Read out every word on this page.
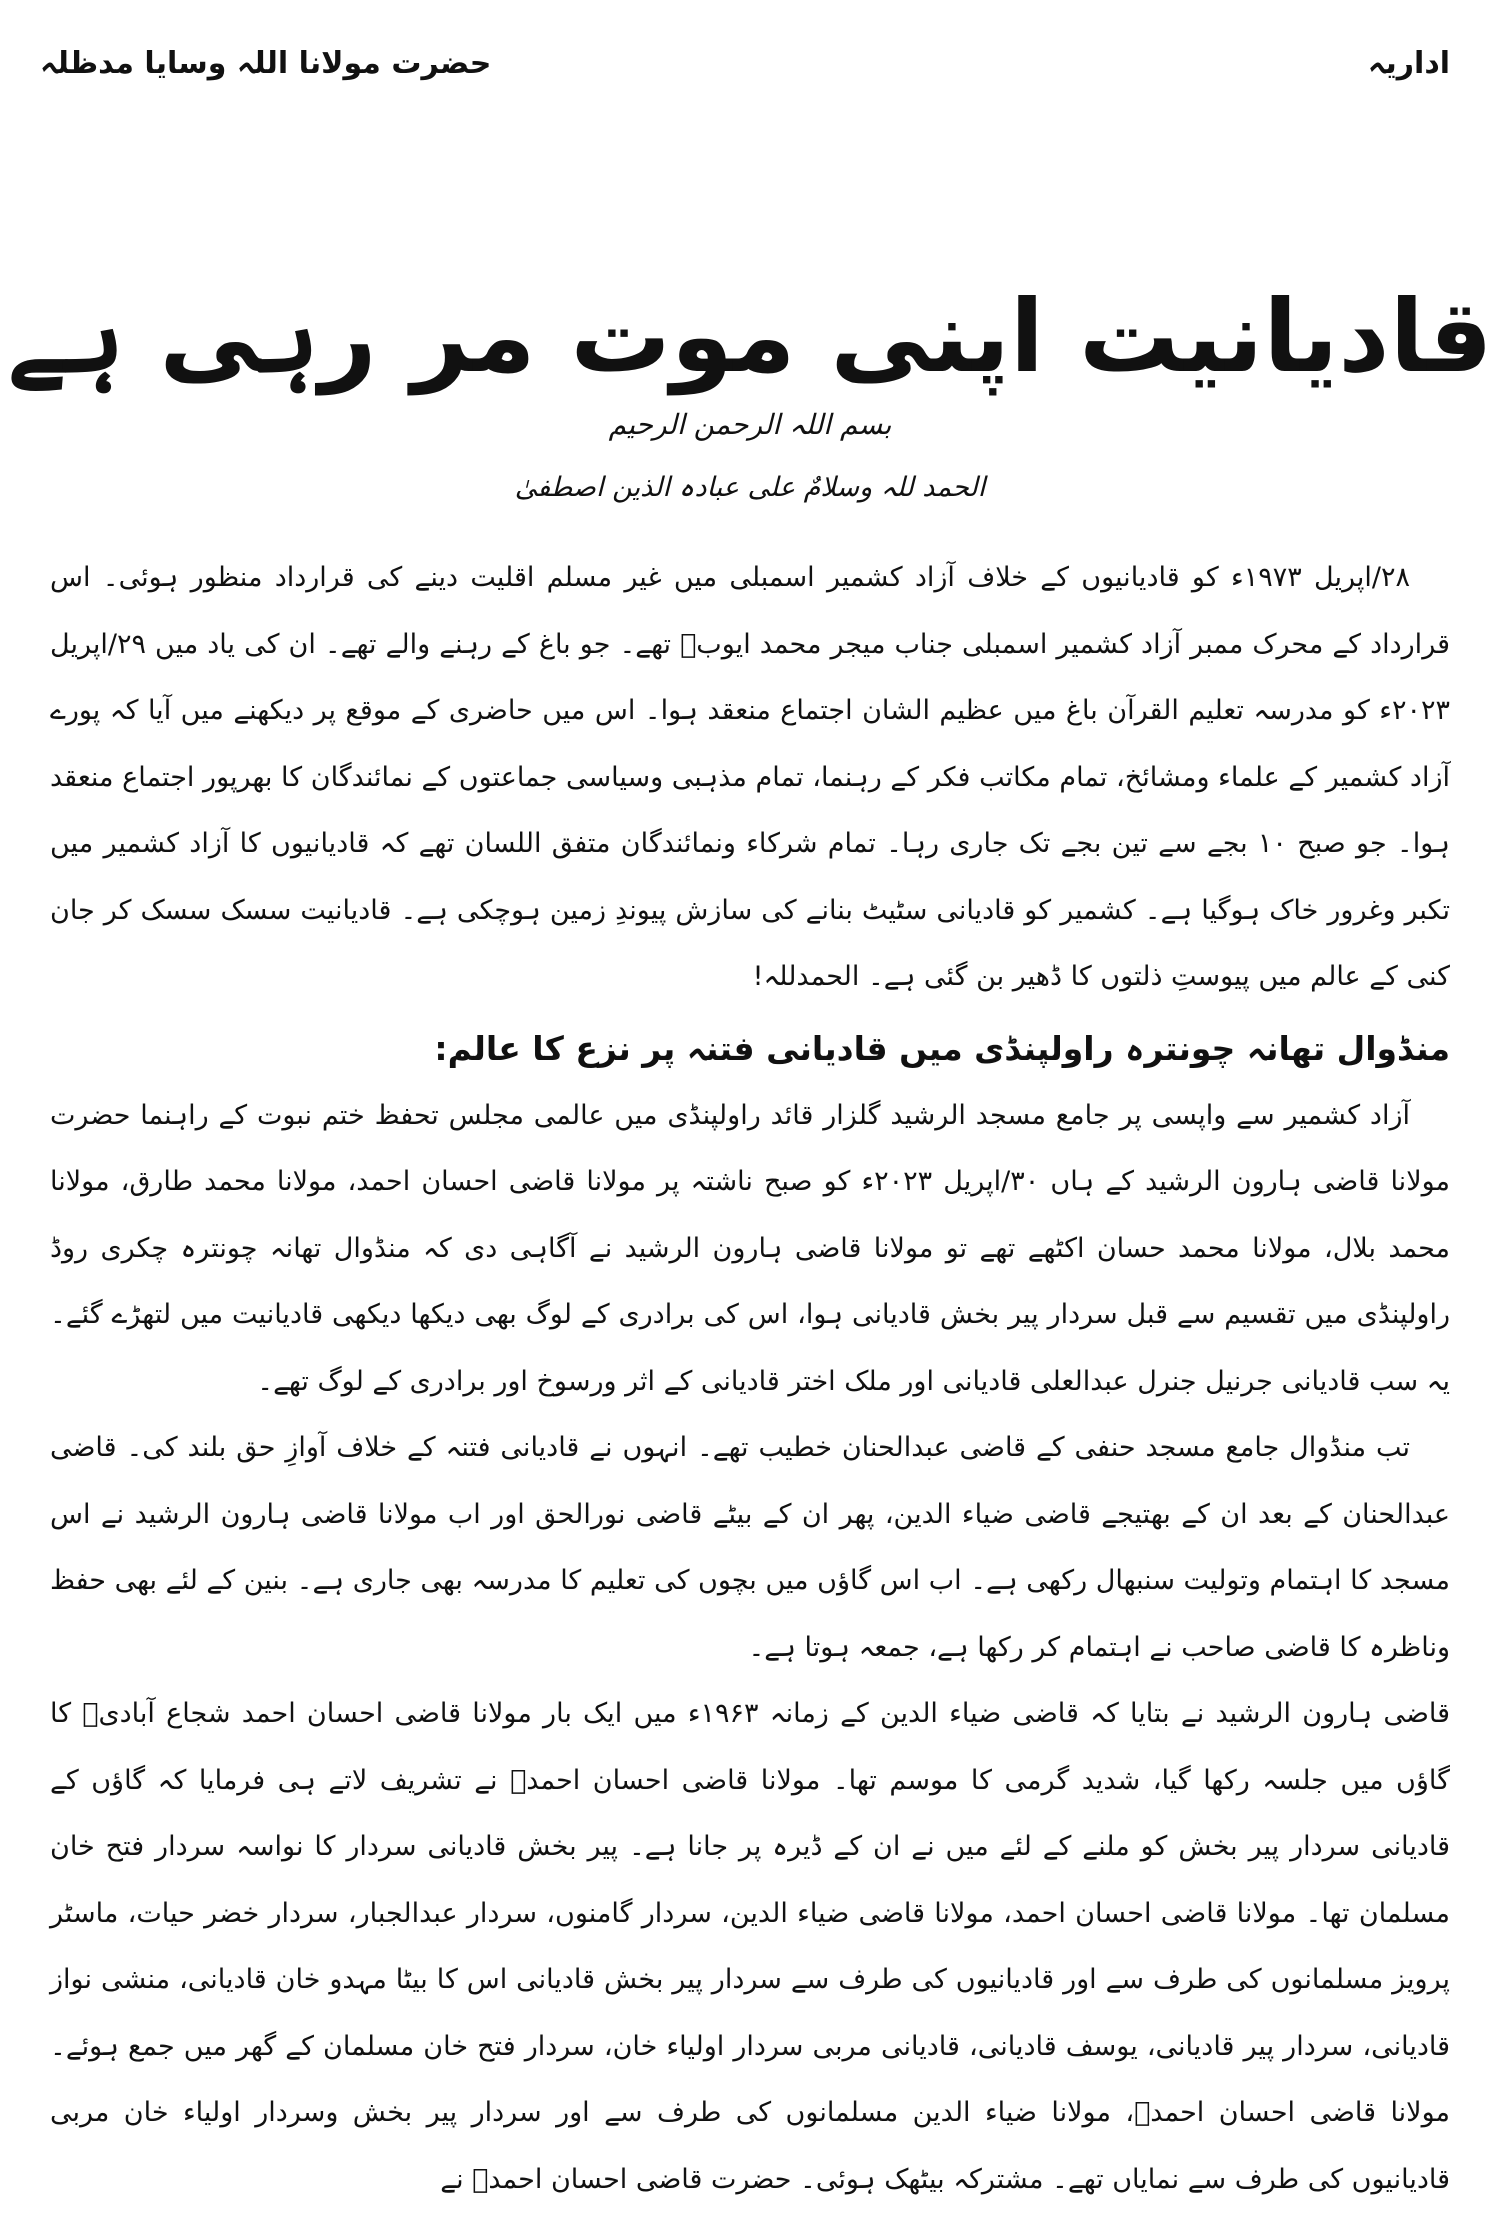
حضرت مولانا اللہ وسایا مدظلہ	اداریہ
قادیانیت اپنی موت مر رہی ہے
بسم اللہ الرحمن الرحیم
الحمد للہ وسلامٌ علی عبادہ الذین اصطفیٰ

۲۸/اپریل ۱۹۷۳ء کو قادیانیوں کے خلاف آزاد کشمیر اسمبلی میں غیر مسلم اقلیت دینے کی قرارداد منظور ہوئی۔ اس قرارداد کے محرک ممبر آزاد کشمیر اسمبلی جناب میجر محمد ایوبؒ تھے۔ جو باغ کے رہنے والے تھے۔ ان کی یاد میں ۲۹/اپریل ۲۰۲۳ء کو مدرسہ تعلیم القرآن باغ میں عظیم الشان اجتماع منعقد ہوا۔ اس میں حاضری کے موقع پر دیکھنے میں آیا کہ پورے آزاد کشمیر کے علماء ومشائخ، تمام مکاتب فکر کے رہنما، تمام مذہبی وسیاسی جماعتوں کے نمائندگان کا بھرپور اجتماع منعقد ہوا۔ جو صبح ۱۰ بجے سے تین بجے تک جاری رہا۔ تمام شرکاء ونمائندگان متفق اللسان تھے کہ قادیانیوں کا آزاد کشمیر میں تکبر وغرور خاک ہوگیا ہے۔ کشمیر کو قادیانی سٹیٹ بنانے کی سازش پیوندِ زمین ہوچکی ہے۔ قادیانیت سسک سسک کر جان کنی کے عالم میں پیوستِ ذلتوں کا ڈھیر بن گئی ہے۔ الحمدللہ!

منڈوال تھانہ چونترہ راولپنڈی میں قادیانی فتنہ پر نزع کا عالم:

آزاد کشمیر سے واپسی پر جامع مسجد الرشید گلزار قائد راولپنڈی میں عالمی مجلس تحفظ ختم نبوت کے راہنما حضرت مولانا قاضی ہارون الرشید کے ہاں ۳۰/اپریل ۲۰۲۳ء کو صبح ناشتہ پر مولانا قاضی احسان احمد، مولانا محمد طارق، مولانا محمد بلال، مولانا محمد حسان اکٹھے تھے تو مولانا قاضی ہارون الرشید نے آگاہی دی کہ منڈوال تھانہ چونترہ چکری روڈ راولپنڈی میں تقسیم سے قبل سردار پیر بخش قادیانی ہوا، اس کی برادری کے لوگ بھی دیکھا دیکھی قادیانیت میں لتھڑے گئے۔ یہ سب قادیانی جرنیل جنرل عبدالعلی قادیانی اور ملک اختر قادیانی کے اثر ورسوخ اور برادری کے لوگ تھے۔

تب منڈوال جامع مسجد حنفی کے قاضی عبدالحنان خطیب تھے۔ انہوں نے قادیانی فتنہ کے خلاف آوازِ حق بلند کی۔ قاضی عبدالحنان کے بعد ان کے بھتیجے قاضی ضیاء الدین، پھر ان کے بیٹے قاضی نورالحق اور اب مولانا قاضی ہارون الرشید نے اس مسجد کا اہتمام وتولیت سنبھال رکھی ہے۔ اب اس گاؤں میں بچوں کی تعلیم کا مدرسہ بھی جاری ہے۔ بنین کے لئے بھی حفظ وناظرہ کا قاضی صاحب نے اہتمام کر رکھا ہے، جمعہ ہوتا ہے۔

قاضی ہارون الرشید نے بتایا کہ قاضی ضیاء الدین کے زمانہ ۱۹۶۳ء میں ایک بار مولانا قاضی احسان احمد شجاع آبادیؒ کا گاؤں میں جلسہ رکھا گیا، شدید گرمی کا موسم تھا۔ مولانا قاضی احسان احمدؒ نے تشریف لاتے ہی فرمایا کہ گاؤں کے قادیانی سردار پیر بخش کو ملنے کے لئے میں نے ان کے ڈیرہ پر جانا ہے۔ پیر بخش قادیانی سردار کا نواسہ سردار فتح خان مسلمان تھا۔ مولانا قاضی احسان احمد، مولانا قاضی ضیاء الدین، سردار گامنوں، سردار عبدالجبار، سردار خضر حیات، ماسٹر پرویز مسلمانوں کی طرف سے اور قادیانیوں کی طرف سے سردار پیر بخش قادیانی اس کا بیٹا مہدو خان قادیانی، منشی نواز قادیانی، سردار پیر قادیانی، یوسف قادیانی، قادیانی مربی سردار اولیاء خان، سردار فتح خان مسلمان کے گھر میں جمع ہوئے۔ مولانا قاضی احسان احمدؒ، مولانا ضیاء الدین مسلمانوں کی طرف سے اور سردار پیر بخش وسردار اولیاء خان مربی قادیانیوں کی طرف سے نمایاں تھے۔ مشترکہ بیٹھک ہوئی۔ حضرت قاضی احسان احمدؒ نے
